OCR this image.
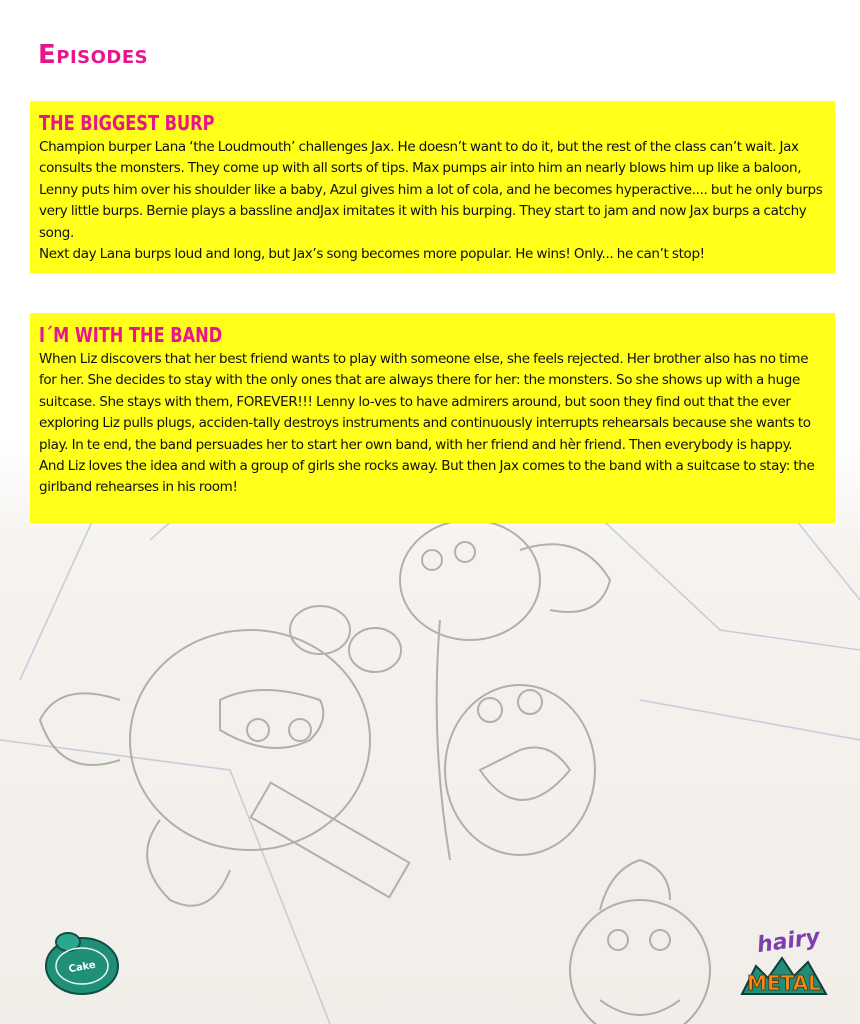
Episodes
THE BIGGEST BURP

Champion burper Lana ‘the Loudmouth’ challenges Jax. He doesn’t want to do it, but the rest of the class can’t wait. Jax consults the monsters. They come up with all sorts of tips. Max pumps air into him an nearly blows him up like a baloon, Lenny puts him over his shoulder like a baby, Azul gives him a lot of cola, and he becomes hyperactive.... but he only burps very little burps. Bernie plays a bassline andJax imitates it with his burping. They start to jam and now Jax burps a catchy song.

Next day Lana burps loud and long, but Jax’s song becomes more popular. He wins! Only... he can’t stop!

I´M WITH THE BAND

When Liz discovers that her best friend wants to play with someone else, she feels rejected. Her brother also has no time for her. She decides to stay with the only ones that are always there for her: the monsters. So she shows up with a huge suitcase. She stays with them, FOREVER!!! Lenny lo-ves to have admirers around, but soon they find out that the ever exploring Liz pulls plugs, acciden-tally destroys instruments and continuously interrupts rehearsals because she wants to play. In te end, the band persuades her to start her own band, with her friend and hèr friend. Then everybody is happy.

And Liz loves the idea and with a group of girls she rocks away. But then Jax comes to the band with a suitcase to stay: the girlband rehearses in his room!

Cake
hairy
METAL
